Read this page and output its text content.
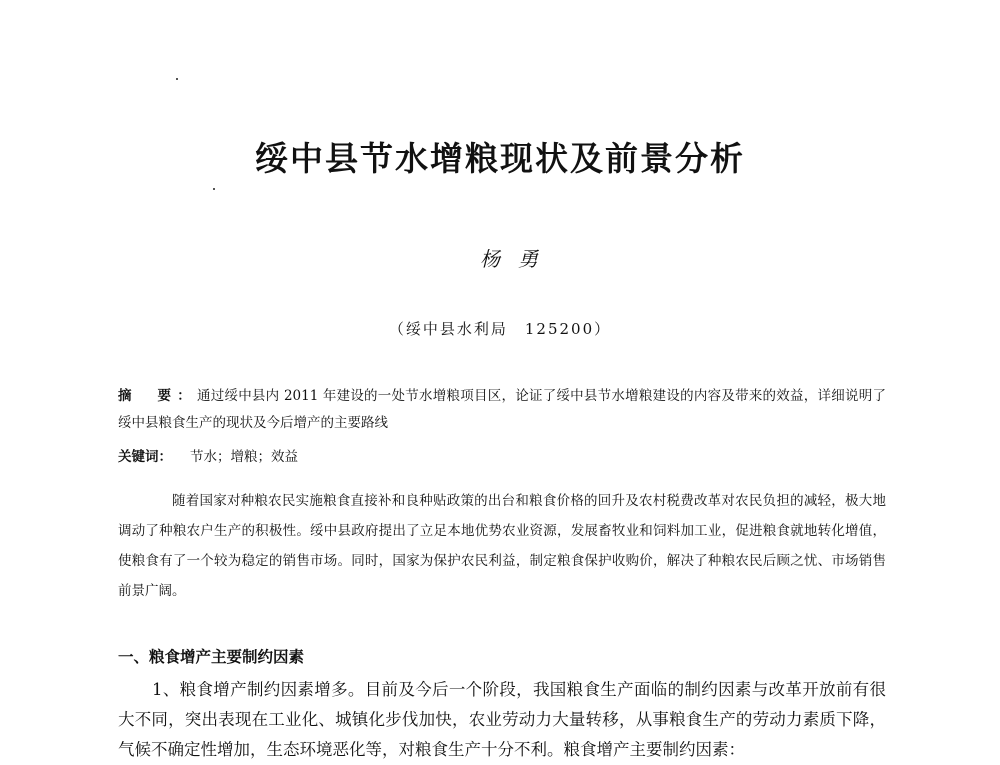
绥中县节水增粮现状及前景分析
杨勇
（绥中县水利局　125200）
摘　要：通过绥中县内 2011 年建设的一处节水增粮项目区，论证了绥中县节水增粮建设的内容及带来的效益，详细说明了绥中县粮食生产的现状及今后增产的主要路线
关键词： 节水；增粮；效益

随着国家对种粮农民实施粮食直接补和良种贴政策的出台和粮食价格的回升及农村税费改革对农民负担的减轻，极大地调动了种粮农户生产的积极性。绥中县政府提出了立足本地优势农业资源，发展畜牧业和饲料加工业，促进粮食就地转化增值，使粮食有了一个较为稳定的销售市场。同时，国家为保护农民利益，制定粮食保护收购价，解决了种粮农民后顾之忧、市场销售前景广阔。

一、粮食增产主要制约因素

1、粮食增产制约因素增多。目前及今后一个阶段，我国粮食生产面临的制约因素与改革开放前有很大不同，突出表现在工业化、城镇化步伐加快，农业劳动力大量转移，从事粮食生产的劳动力素质下降，气候不确定性增加，生态环境恶化等，对粮食生产十分不利。粮食增产主要制约因素：
